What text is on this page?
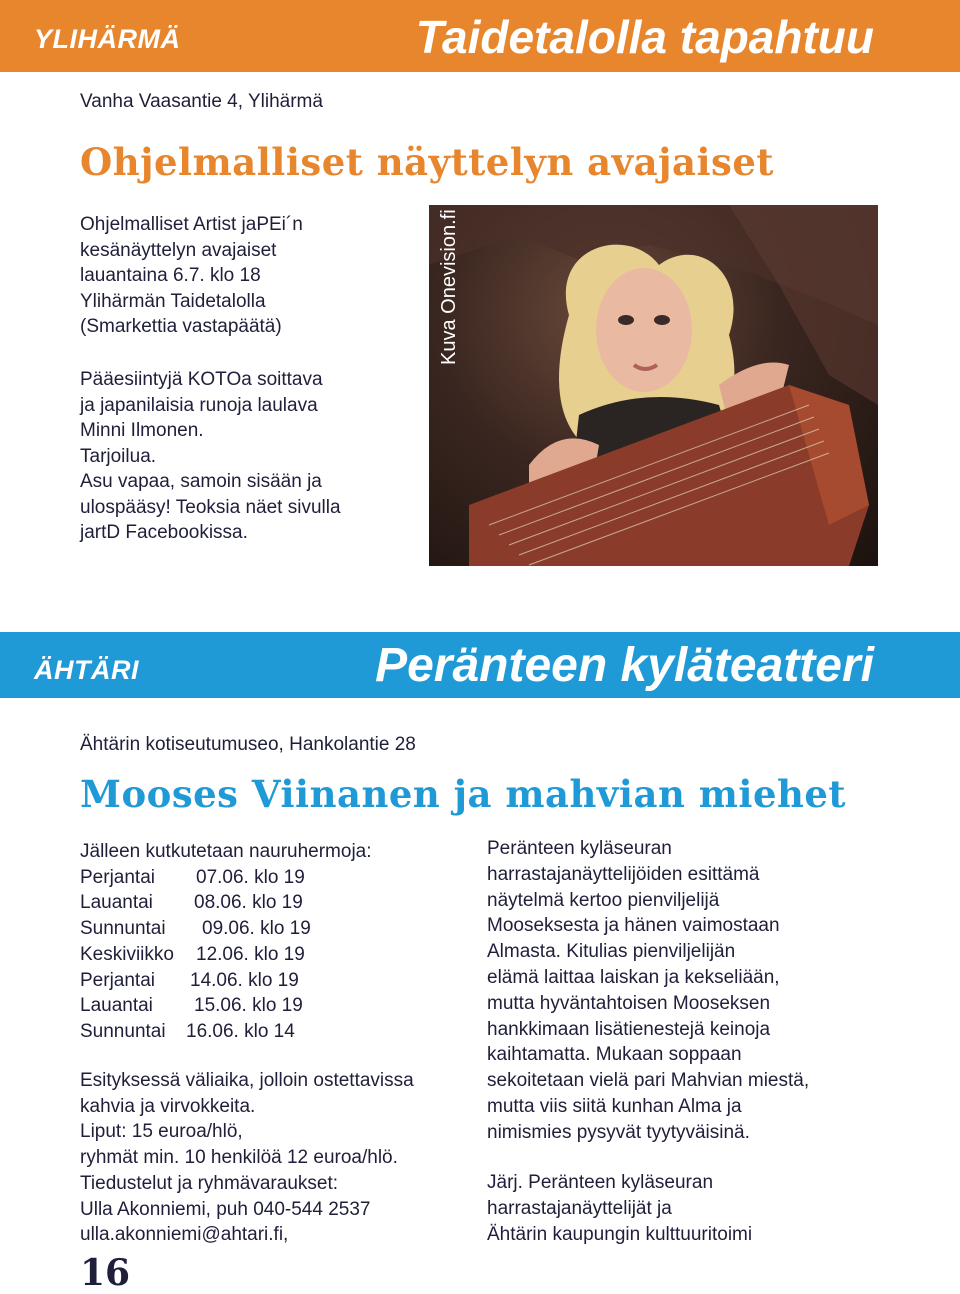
YLIHÄRMÄ	Taidetalolla tapahtuu
Vanha Vaasantie 4, Ylihärmä
Ohjelmalliset näyttelyn avajaiset
Ohjelmalliset Artist jaPEi´n
kesänäyttelyn avajaiset
lauantaina 6.7. klo 18
Ylihärmän Taidetalolla
(Smarkettia vastapäätä)
Pääesiintyjä KOTOa soittava
ja japanilaisia runoja laulava
Minni Ilmonen.
Tarjoilua.
Asu vapaa, samoin sisään ja
ulospääsy! Teoksia näet sivulla
jartD Facebookissa.
Kuva Onevision.fi
ÄHTÄRI	Peränteen kyläteatteri
Ähtärin kotiseutumuseo, Hankolantie 28
Mooses Viinanen ja mahvian miehet
Jälleen kutkutetaan nauruhermoja:
Perjantai 07.06. klo 19
Lauantai 08.06. klo 19
Sunnuntai 09.06. klo 19
Keskiviikko 12.06. klo 19
Perjantai 14.06. klo 19
Lauantai 15.06. klo 19
Sunnuntai 16.06. klo 14
Esityksessä väliaika, jolloin ostettavissa
kahvia ja virvokkeita.
Liput: 15 euroa/hlö,
ryhmät min. 10 henkilöä 12 euroa/hlö.
Tiedustelut ja ryhmävaraukset:
Ulla Akonniemi, puh 040-544 2537
ulla.akonniemi@ahtari.fi,
Peränteen kyläseuran
harrastajanäyttelijöiden esittämä
näytelmä kertoo pienviljelijä
Mooseksesta ja hänen vaimostaan
Almasta. Kitulias pienviljelijän
elämä laittaa laiskan ja kekseliään,
mutta hyväntahtoisen Mooseksen
hankkimaan lisätienestejä keinoja
kaihtamatta. Mukaan soppaan
sekoitetaan vielä pari Mahvian miestä,
mutta viis siitä kunhan Alma ja
nimismies pysyvät tyytyväisinä.
Järj. Peränteen kyläseuran
harrastajanäyttelijät ja
Ähtärin kaupungin kulttuuritoimi
16
